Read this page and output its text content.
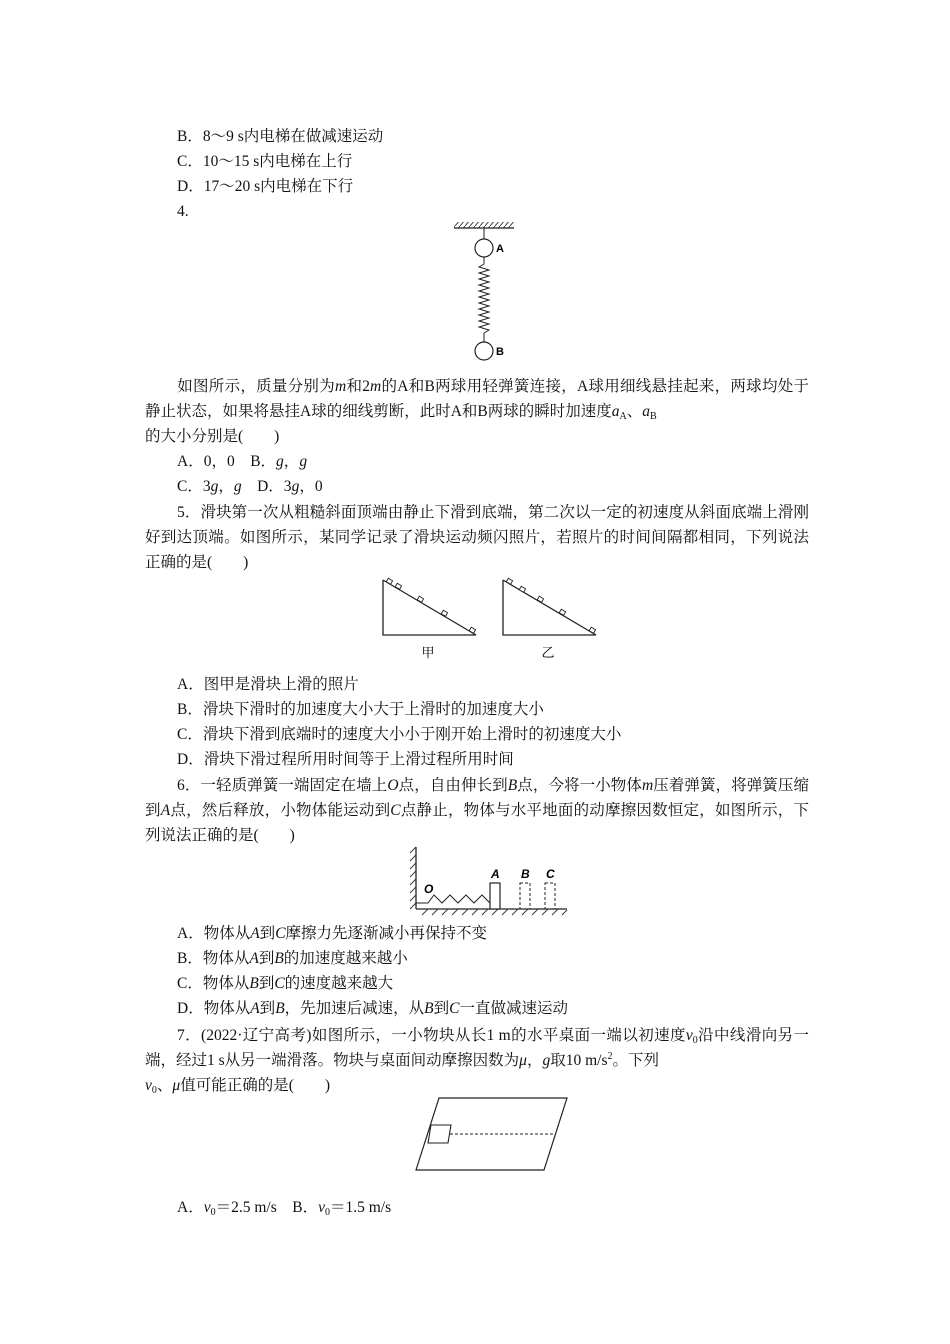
B．8～9 s内电梯在做减速运动
C．10～15 s内电梯在上行
D．17～20 s内电梯在下行
4.
A
B
如图所示，质量分别为m和2m的A和B两球用轻弹簧连接，A球用细线悬挂起来，两球均处于静止状态，如果将悬挂A球的细线剪断，此时A和B两球的瞬时加速度$a_A$、$a_B$
的大小分别是(　　)
A．0，0　B．g，g
C．3g，g　D．3g，0
5．滑块第一次从粗糙斜面顶端由静止下滑到底端，第二次以一定的初速度从斜面底端上滑刚好到达顶端。如图所示，某同学记录了滑块运动频闪照片，若照片的时间间隔都相同，下列说法正确的是(　　)
甲	乙
A．图甲是滑块上滑的照片
B．滑块下滑时的加速度大小大于上滑时的加速度大小
C．滑块下滑到底端时的速度大小小于刚开始上滑时的初速度大小
D．滑块下滑过程所用时间等于上滑过程所用时间
6．一轻质弹簧一端固定在墙上O点，自由伸长到B点，今将一小物体m压着弹簧，将弹簧压缩到A点，然后释放，小物体能运动到C点静止，物体与水平地面的动摩擦因数恒定，如图所示，下列说法正确的是(　　)
O
A B C
A．物体从A到C摩擦力先逐渐减小再保持不变
B．物体从A到B的加速度越来越小
C．物体从B到C的速度越来越大
D．物体从A到B，先加速后减速，从B到C一直做减速运动
7．(2022·辽宁高考)如图所示，一小物块从长1 m的水平桌面一端以初速度$v_0$沿中线滑向另一端，经过1 s从另一端滑落。物块与桌面间动摩擦因数为μ，g取10 $m/s^2$。下列
$v_0$、μ值可能正确的是(　　)
A．$v_0=2.5$ m/s　B．$v_0=1.5$ m/s
